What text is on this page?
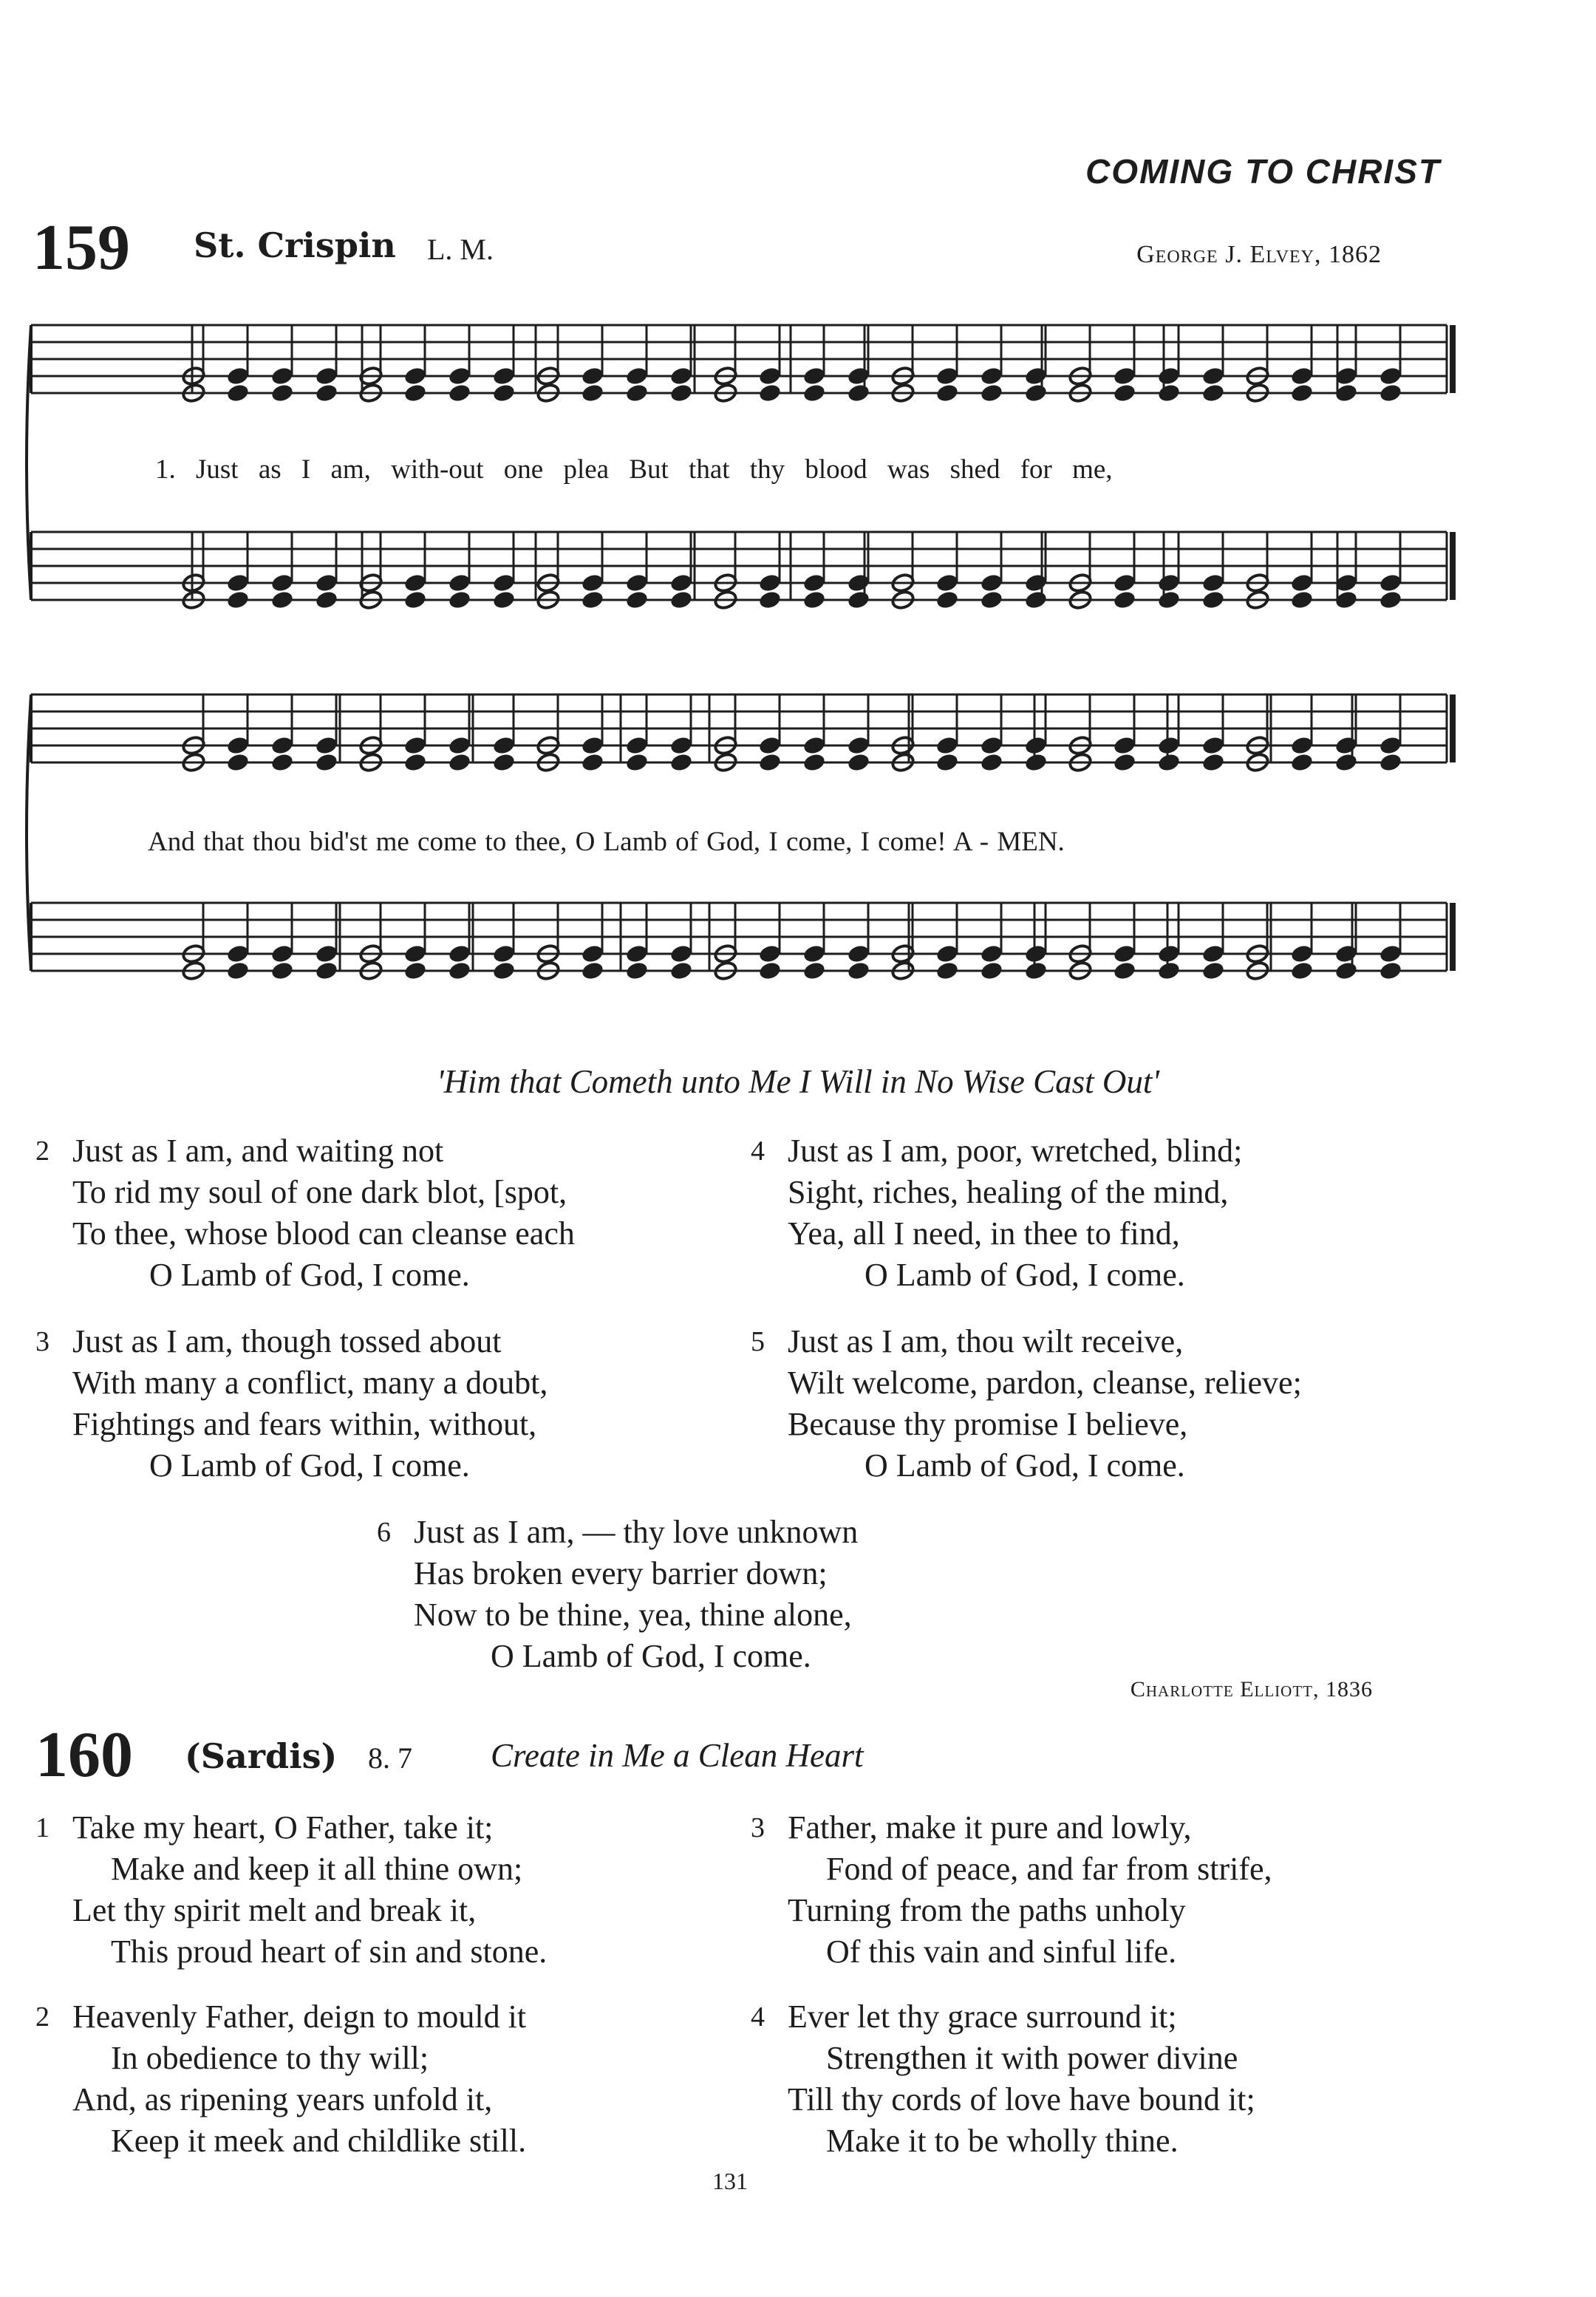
COMING TO CHRIST
159 St. Crispin L. M.	George J. Elvey, 1862
1. Just as I am, with-out one plea But that thy blood was shed for me,
And that thou bid'st me come to thee, O Lamb of God, I come, I come! A - MEN.
'Him that Cometh unto Me I Will in No Wise Cast Out'
2 Just as I am, and waiting not
To rid my soul of one dark blot, [spot,
To thee, whose blood can cleanse each
O Lamb of God, I come.
3 Just as I am, though tossed about
With many a conflict, many a doubt,
Fightings and fears within, without,
O Lamb of God, I come.
4 Just as I am, poor, wretched, blind;
Sight, riches, healing of the mind,
Yea, all I need, in thee to find,
O Lamb of God, I come.
5 Just as I am, thou wilt receive,
Wilt welcome, pardon, cleanse, relieve;
Because thy promise I believe,
O Lamb of God, I come.
6 Just as I am, — thy love unknown
Has broken every barrier down;
Now to be thine, yea, thine alone,
O Lamb of God, I come.
Charlotte Elliott, 1836
160 (Sardis) 8. 7 Create in Me a Clean Heart
1 Take my heart, O Father, take it;
Make and keep it all thine own;
Let thy spirit melt and break it,
This proud heart of sin and stone.
2 Heavenly Father, deign to mould it
In obedience to thy will;
And, as ripening years unfold it,
Keep it meek and childlike still.
3 Father, make it pure and lowly,
Fond of peace, and far from strife,
Turning from the paths unholy
Of this vain and sinful life.
4 Ever let thy grace surround it;
Strengthen it with power divine
Till thy cords of love have bound it;
Make it to be wholly thine.
131
